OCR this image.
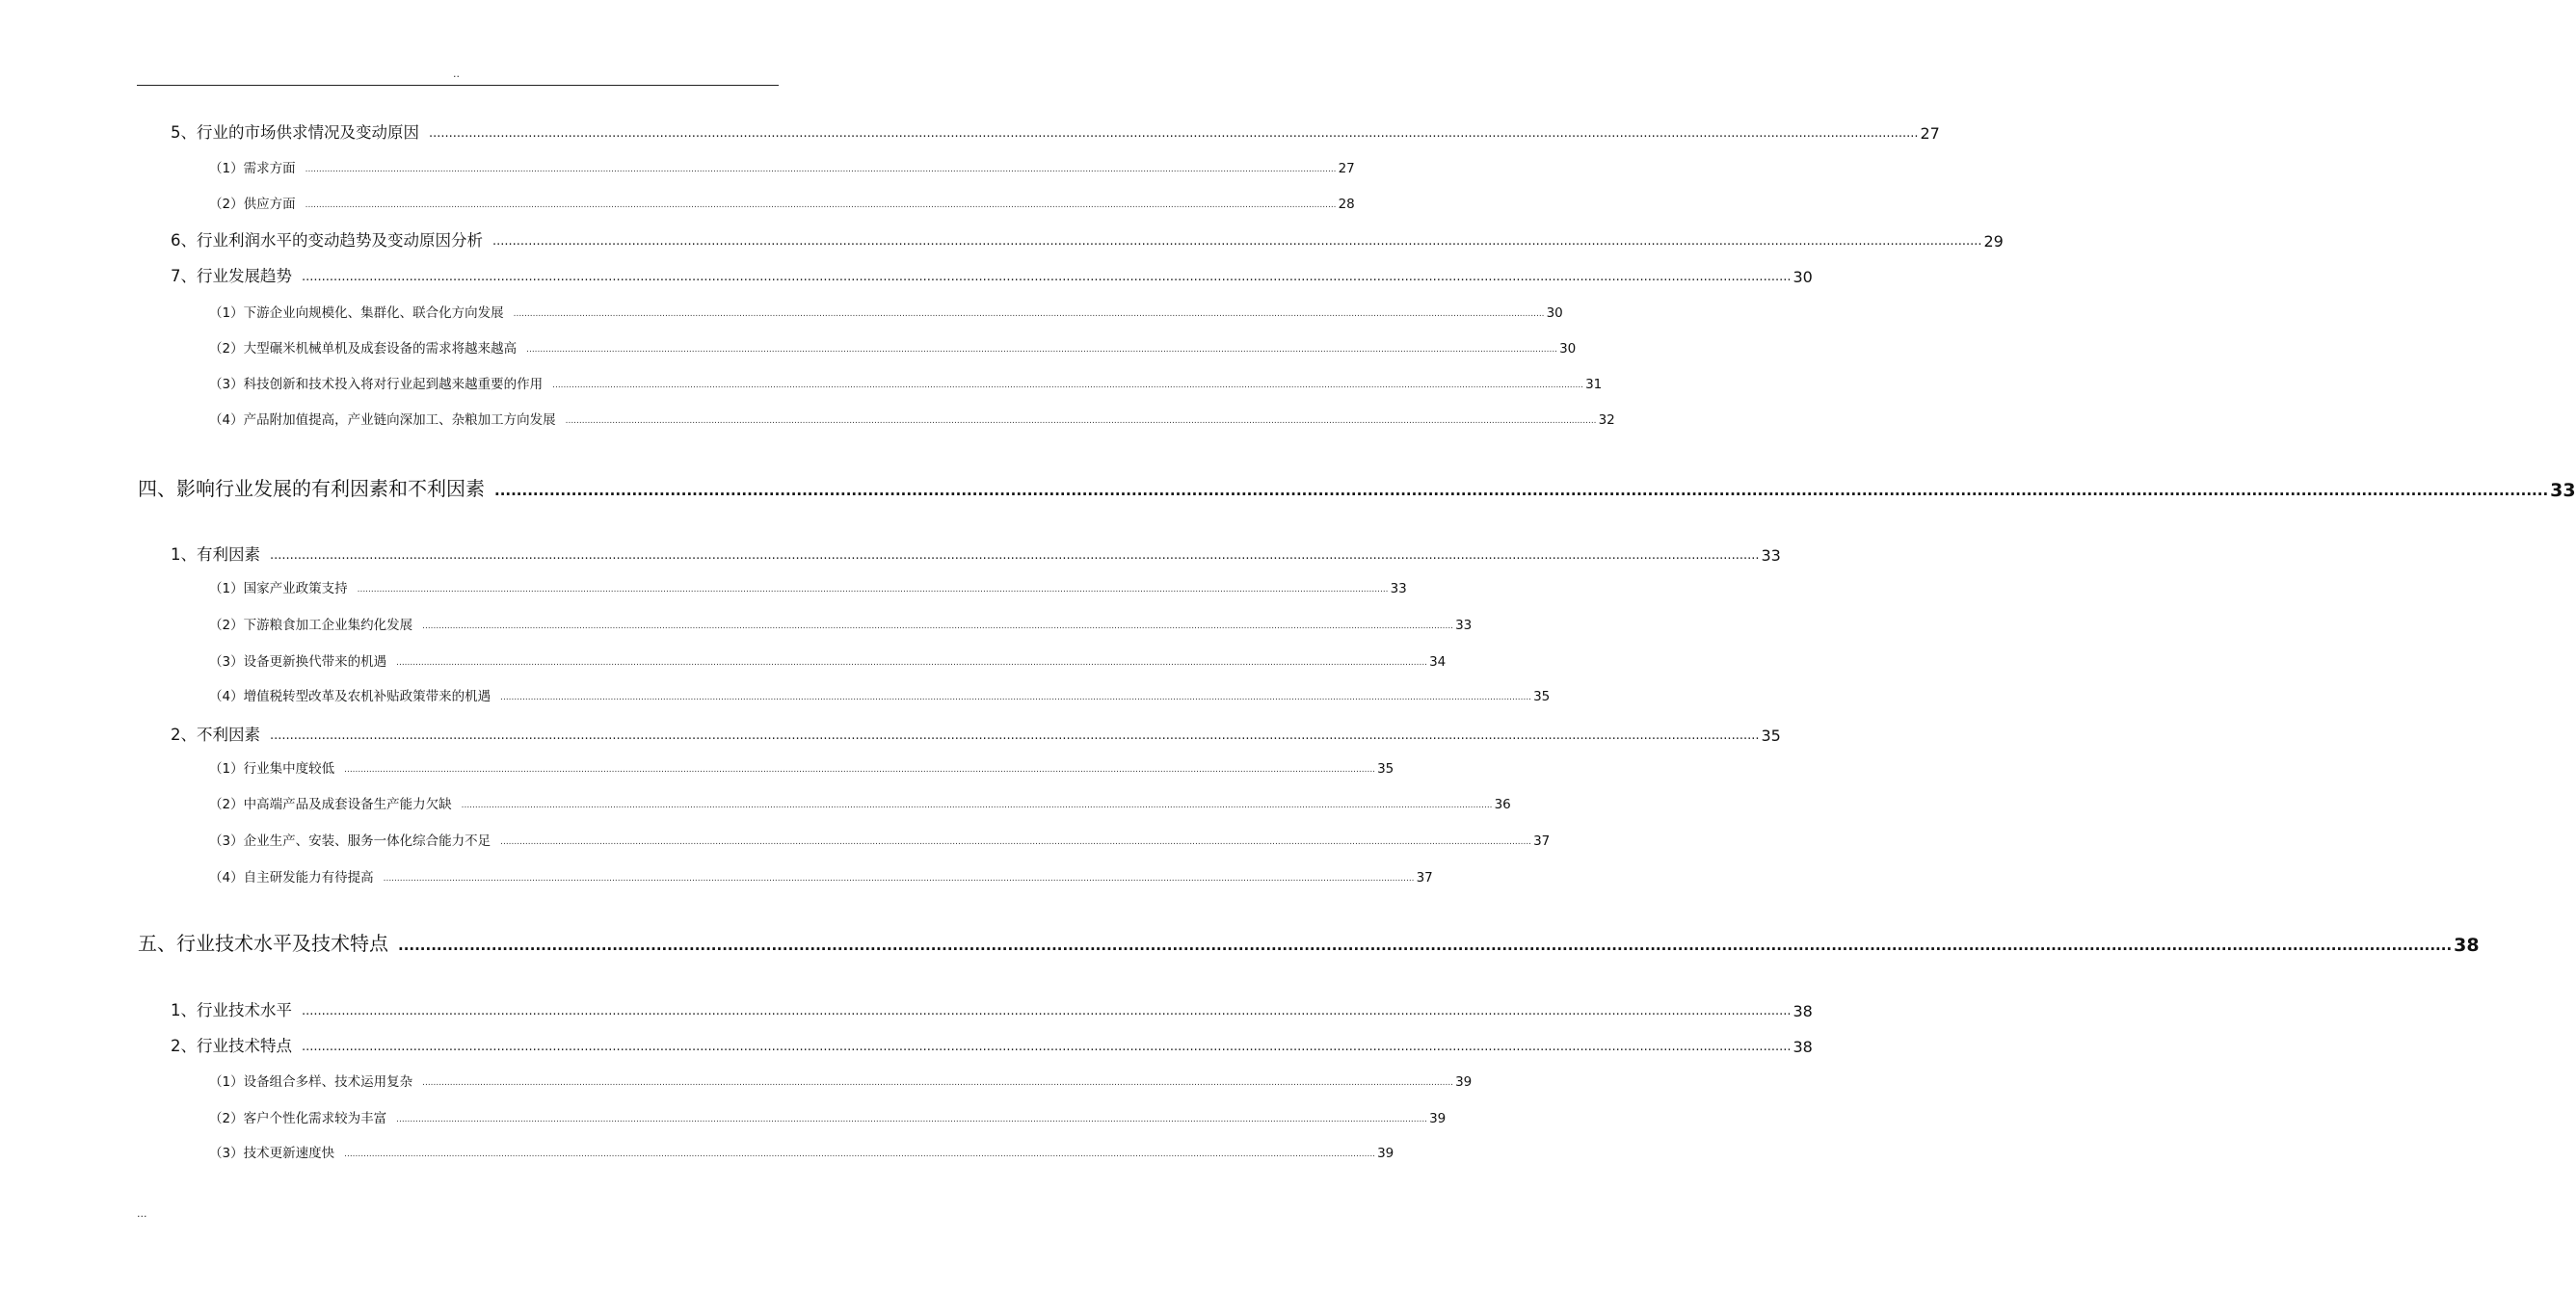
..
5、行业的市场供求情况及变动原因 ...................................................................................................................................................................................................................................................................................................................................................................................... 27
（1）需求方面 ...................................................................................................................................................................................................................................................................................................................................................................................... 27
（2）供应方面 ...................................................................................................................................................................................................................................................................................................................................................................................... 28
6、行业利润水平的变动趋势及变动原因分析 ...................................................................................................................................................................................................................................................................................................................................................................................... 29
7、行业发展趋势 ...................................................................................................................................................................................................................................................................................................................................................................................... 30
（1）下游企业向规模化、集群化、联合化方向发展 ...................................................................................................................................................................................................................................................................................................................................................................................... 30
（2）大型碾米机械单机及成套设备的需求将越来越高 ...................................................................................................................................................................................................................................................................................................................................................................................... 30
（3）科技创新和技术投入将对行业起到越来越重要的作用 ...................................................................................................................................................................................................................................................................................................................................................................................... 31
（4）产品附加值提高，产业链向深加工、杂粮加工方向发展 ...................................................................................................................................................................................................................................................................................................................................................................................... 32
四、影响行业发展的有利因素和不利因素 ...................................................................................................................................................................................................................................................................................................................................................................................... 33
1、有利因素 ...................................................................................................................................................................................................................................................................................................................................................................................... 33
（1）国家产业政策支持 ...................................................................................................................................................................................................................................................................................................................................................................................... 33
（2）下游粮食加工企业集约化发展 ...................................................................................................................................................................................................................................................................................................................................................................................... 33
（3）设备更新换代带来的机遇 ...................................................................................................................................................................................................................................................................................................................................................................................... 34
（4）增值税转型改革及农机补贴政策带来的机遇 ...................................................................................................................................................................................................................................................................................................................................................................................... 35
2、不利因素 ...................................................................................................................................................................................................................................................................................................................................................................................... 35
（1）行业集中度较低 ...................................................................................................................................................................................................................................................................................................................................................................................... 35
（2）中高端产品及成套设备生产能力欠缺 ...................................................................................................................................................................................................................................................................................................................................................................................... 36
（3）企业生产、安装、服务一体化综合能力不足 ...................................................................................................................................................................................................................................................................................................................................................................................... 37
（4）自主研发能力有待提高 ...................................................................................................................................................................................................................................................................................................................................................................................... 37
五、行业技术水平及技术特点 ...................................................................................................................................................................................................................................................................................................................................................................................... 38
1、行业技术水平 ...................................................................................................................................................................................................................................................................................................................................................................................... 38
2、行业技术特点 ...................................................................................................................................................................................................................................................................................................................................................................................... 38
（1）设备组合多样、技术运用复杂 ...................................................................................................................................................................................................................................................................................................................................................................................... 39
（2）客户个性化需求较为丰富 ...................................................................................................................................................................................................................................................................................................................................................................................... 39
（3）技术更新速度快 ...................................................................................................................................................................................................................................................................................................................................................................................... 39
...
